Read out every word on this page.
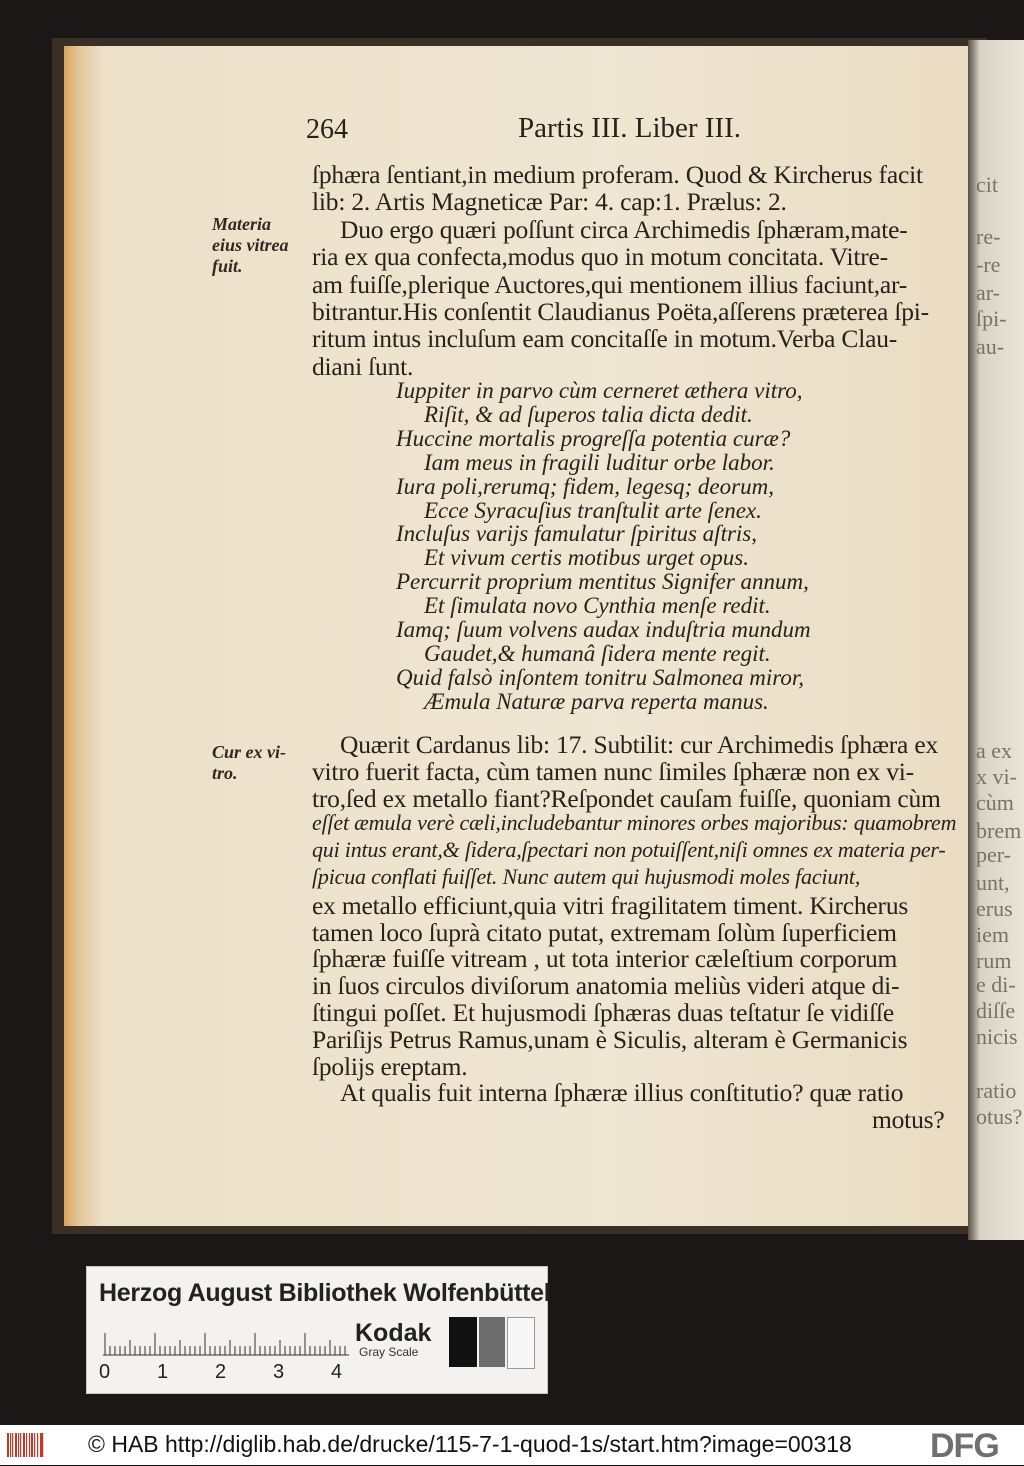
cit
re-
-re
ar-
ſpi-
au-
a ex
x vi-
cùm
brem
per-
unt,
erus
iem
rum
e di-
diſſe
nicis
ratio
otus?
264	Partis III. Liber III.
Materia
eius vitrea
fuit.
Cur ex vi-
tro.
ſphæra ſentiant,in medium proferam. Quod & Kircherus facit
lib: 2. Artis Magneticæ Par: 4. cap:1. Prælus: 2.
Duo ergo quæri poſſunt circa Archimedis ſphæram,mate-
ria ex qua confecta,modus quo in motum concitata. Vitre-
am fuiſſe,plerique Auctores,qui mentionem illius faciunt,ar-
bitrantur.His conſentit Claudianus Poëta,aſſerens præterea ſpi-
ritum intus incluſum eam concitaſſe in motum.Verba Clau-
diani ſunt.
Iuppiter in parvo cùm cerneret æthera vitro,
Riſit, & ad ſuperos talia dicta dedit.
Huccine mortalis progreſſa potentia curæ?
Iam meus in fragili luditur orbe labor.
Iura poli,rerumq; fidem, legesq; deorum,
Ecce Syracuſius tranſtulit arte ſenex.
Incluſus varijs famulatur ſpiritus aſtris,
Et vivum certis motibus urget opus.
Percurrit proprium mentitus Signifer annum,
Et ſimulata novo Cynthia menſe redit.
Iamq; ſuum volvens audax induſtria mundum
Gaudet,& humanâ ſidera mente regit.
Quid falsò inſontem tonitru Salmonea miror,
Æmula Naturæ parva reperta manus.
Quærit Cardanus lib: 17. Subtilit: cur Archimedis ſphæra ex
vitro fuerit facta, cùm tamen nunc ſimiles ſphæræ non ex vi-
tro,ſed ex metallo fiant?Reſpondet cauſam fuiſſe, quoniam cùm
eſſet æmula verè cæli,includebantur minores orbes majoribus: quamobrem
qui intus erant,& ſidera,ſpectari non potuiſſent,niſi omnes ex materia per-
ſpicua conflati fuiſſet. Nunc autem qui hujusmodi moles faciunt,
ex metallo efficiunt,quia vitri fragilitatem timent. Kircherus
tamen loco ſuprà citato putat, extremam ſolùm ſuperficiem
ſphæræ fuiſſe vitream , ut tota interior cæleſtium corporum
in ſuos circulos diviſorum anatomia meliùs videri atque di-
ſtingui poſſet. Et hujusmodi ſphæras duas teſtatur ſe vidiſſe
Pariſijs Petrus Ramus,unam è Siculis, alteram è Germanicis
ſpolijs ereptam.
At qualis fuit interna ſphæræ illius conſtitutio? quæ ratio
motus?
Herzog August Bibliothek Wolfenbüttel
0 1 2 3 4
Kodak
Gray Scale
© HAB http://diglib.hab.de/drucke/115-7-1-quod-1s/start.htm?image=00318 DFG
